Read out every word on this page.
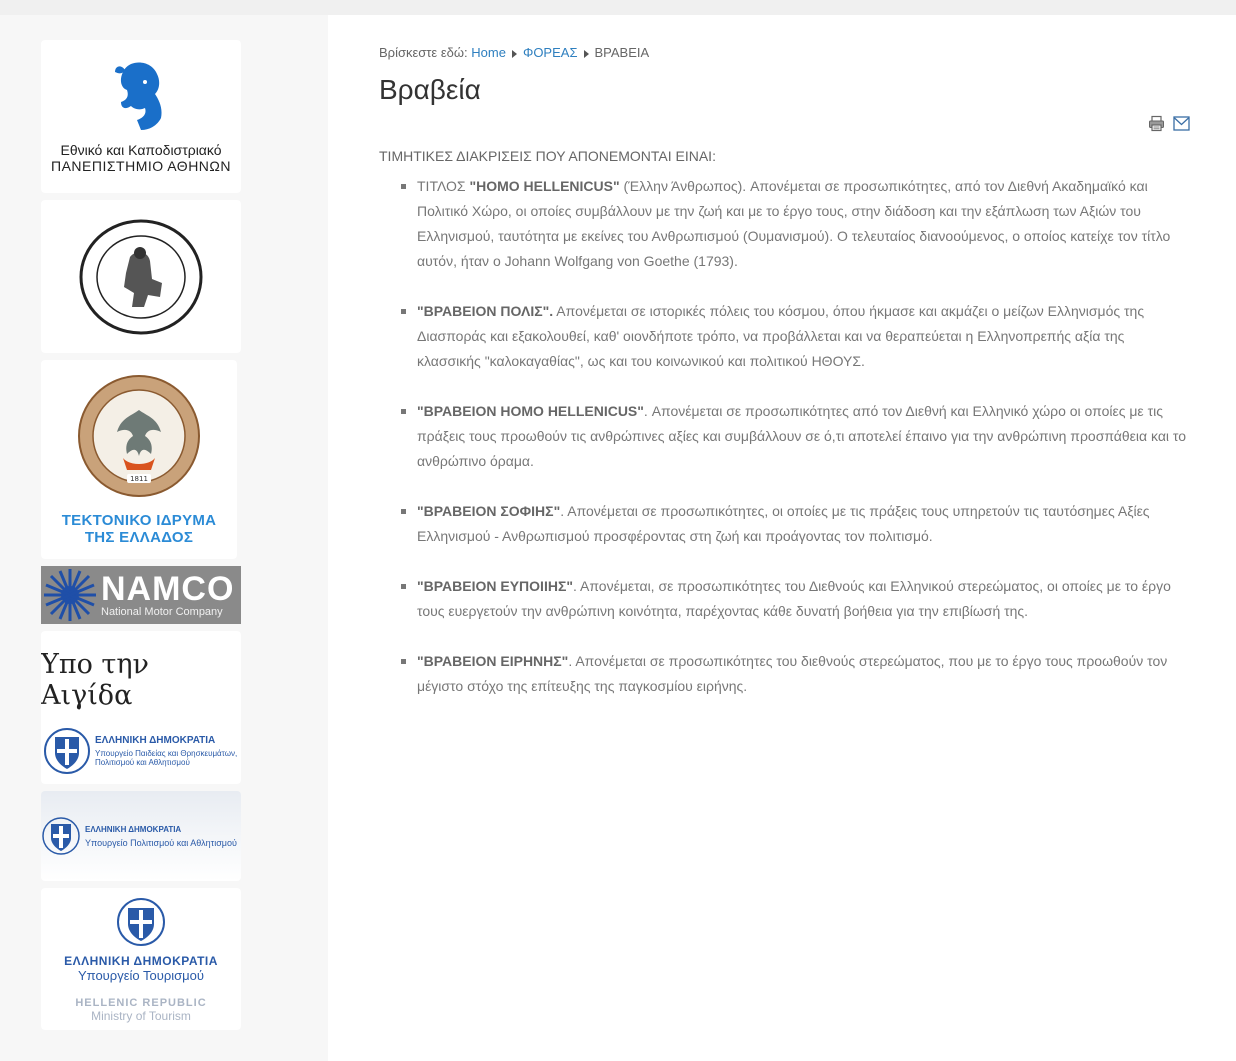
Εθνικό και Καποδιστριακό
ΠΑΝΕΠΙΣΤΗΜΙΟ ΑΘΗΝΩΝ
1811
ΤΕΚΤΟΝΙΚΟ ΙΔΡΥΜΑ
ΤΗΣ ΕΛΛΑΔΟΣ
NAMCO
National Motor Company
Υπο την Αιγίδα
ΕΛΛΗΝΙΚΗ ΔΗΜΟΚΡΑΤΙΑ
Υπουργείο Παιδείας και Θρησκευμάτων,
Πολιτισμού και Αθλητισμού
ΕΛΛΗΝΙΚΗ ΔΗΜΟΚΡΑΤΙΑ
Υπουργείο Πολιτισμού και Αθλητισμού
ΕΛΛΗΝΙΚΗ ΔΗΜΟΚΡΑΤΙΑ
Υπουργείο Τουρισμού
HELLENIC REPUBLIC
Ministry of Tourism
Βρίσκεστε εδώ: Home ΦΟΡΕΑΣ ΒΡΑΒΕΙΑ
Βραβεία
ΤΙΜΗΤΙΚΕΣ ΔΙΑΚΡΙΣΕΙΣ ΠΟΥ ΑΠΟΝΕΜΟΝΤΑΙ ΕΙΝΑΙ:
ΤΙΤΛΟΣ "HOMO HELLENICUS" (Έλλην Άνθρωπος). Απονέμεται σε προσωπικότητες, από τον Διεθνή Ακαδημαϊκό και Πολιτικό Χώρο, οι οποίες συμβάλλουν με την ζωή και με το έργο τους, στην διάδοση και την εξάπλωση των Αξιών του Ελληνισμού, ταυτότητα με εκείνες του Ανθρωπισμού (Ουμανισμού). Ο τελευταίος διανοούμενος, ο οποίος κατείχε τον τίτλο αυτόν, ήταν ο Johann Wolfgang von Goethe (1793).
"ΒΡΑΒΕΙΟΝ ΠΟΛΙΣ". Απονέμεται σε ιστορικές πόλεις του κόσμου, όπου ήκμασε και ακμάζει ο μείζων Ελληνισμός της Διασποράς και εξακολουθεί, καθ' οιονδήποτε τρόπο, να προβάλλεται και να θεραπεύεται η Ελληνοπρεπής αξία της κλασσικής "καλοκαγαθίας", ως και του κοινωνικού και πολιτικού ΗΘΟΥΣ.
"ΒΡΑΒΕΙΟΝ HOMO HELLENICUS". Απονέμεται σε προσωπικότητες από τον Διεθνή και Ελληνικό χώρο οι οποίες με τις πράξεις τους προωθούν τις ανθρώπινες αξίες και συμβάλλουν σε ό,τι αποτελεί έπαινο για την ανθρώπινη προσπάθεια και το ανθρώπινο όραμα.
"ΒΡΑΒΕΙΟΝ ΣΟΦΙΗΣ". Απονέμεται σε προσωπικότητες, οι οποίες με τις πράξεις τους υπηρετούν τις ταυτόσημες Αξίες Ελληνισμού - Ανθρωπισμού προσφέροντας στη ζωή και προάγοντας τον πολιτισμό.
"ΒΡΑΒΕΙΟΝ ΕΥΠΟΙΙΗΣ". Απονέμεται, σε προσωπικότητες του Διεθνούς και Ελληνικού στερεώματος, οι οποίες με το έργο τους ευεργετούν την ανθρώπινη κοινότητα, παρέχοντας κάθε δυνατή βοήθεια για την επιβίωσή της.
"ΒΡΑΒΕΙΟΝ ΕΙΡΗΝΗΣ". Απονέμεται σε προσωπικότητες του διεθνούς στερεώματος, που με το έργο τους προωθούν τον μέγιστο στόχο της επίτευξης της παγκοσμίου ειρήνης.
